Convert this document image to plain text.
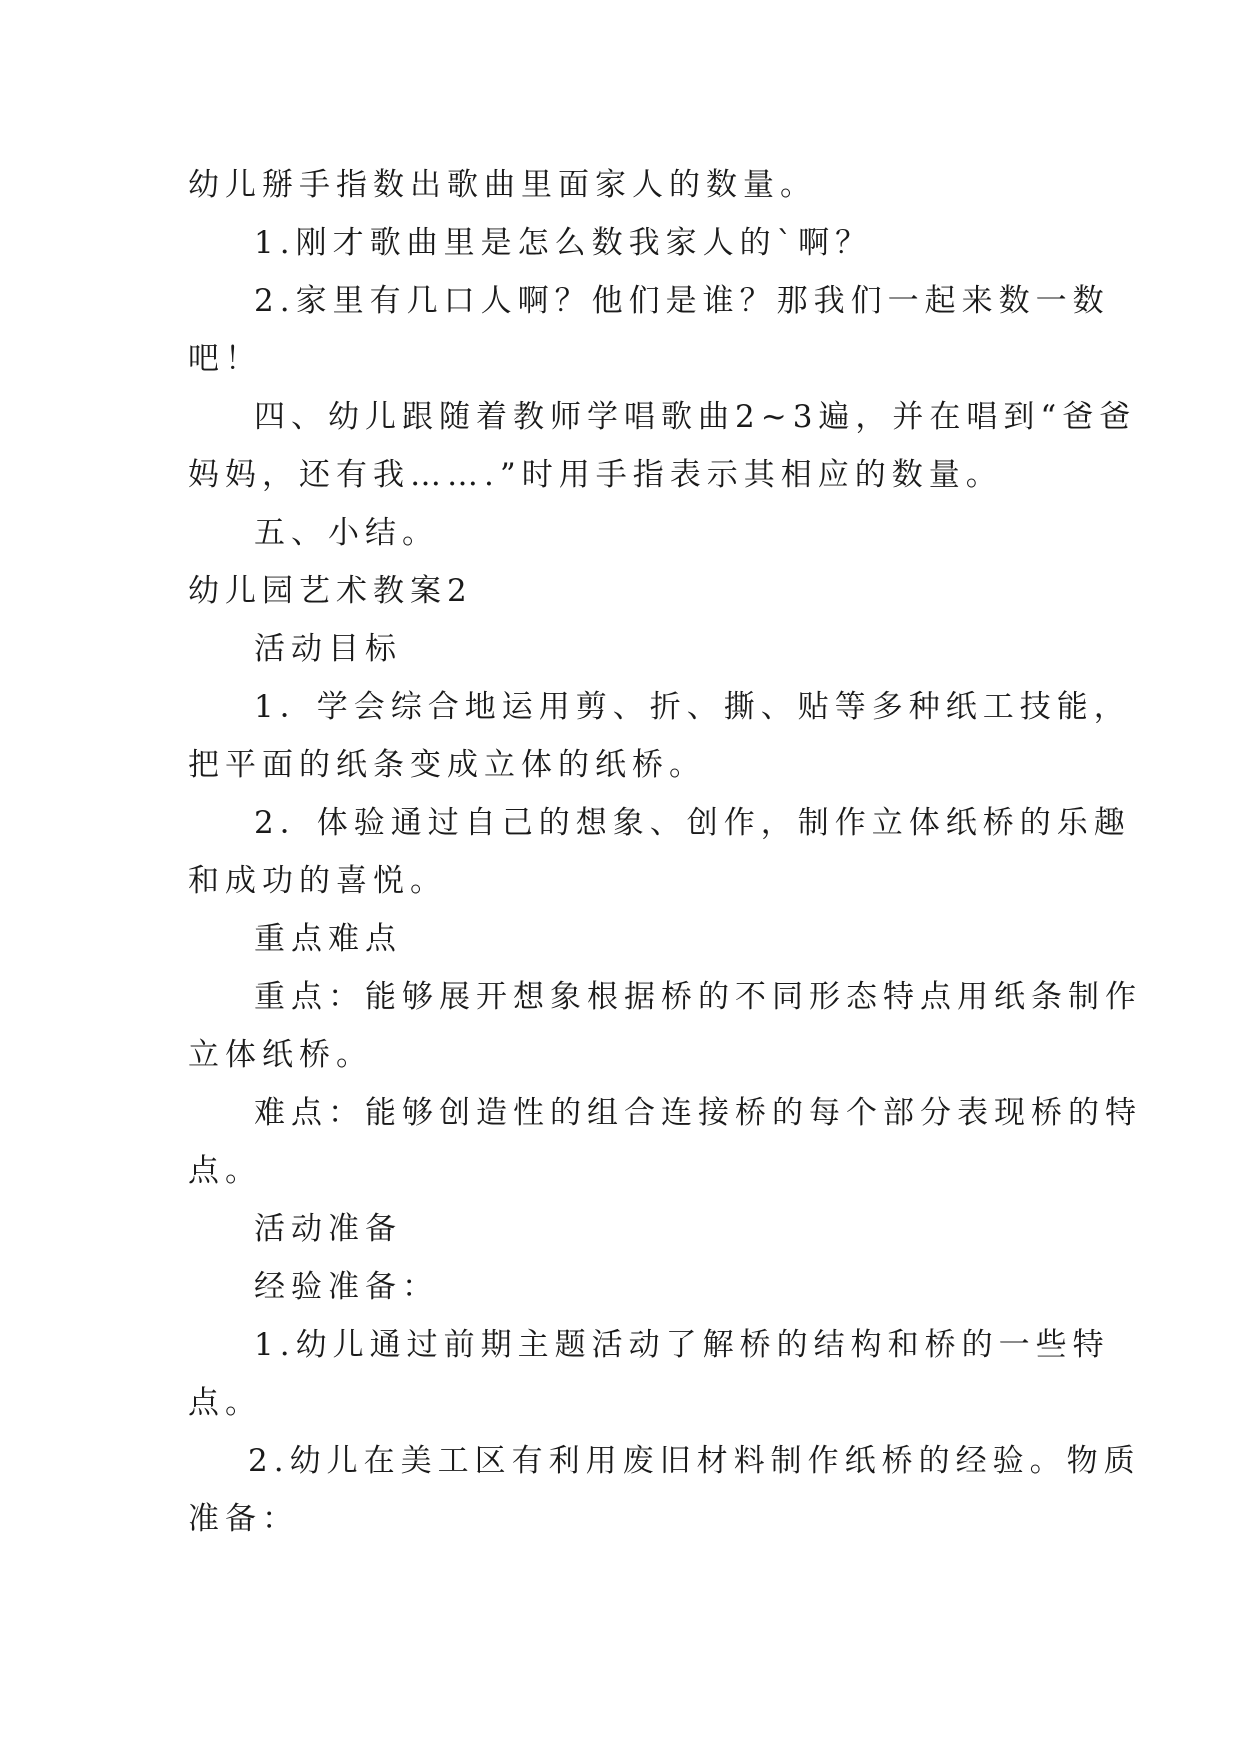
幼儿掰手指数出歌曲里面家人的数量。
1.刚才歌曲里是怎么数我家人的`啊？
2.家里有几口人啊？他们是谁？那我们一起来数一数
吧！
四、幼儿跟随着教师学唱歌曲2~3遍，并在唱到“爸爸
妈妈，还有我…….”时用手指表示其相应的数量。
五、小结。
幼儿园艺术教案2
活动目标
1．学会综合地运用剪、折、撕、贴等多种纸工技能，
把平面的纸条变成立体的纸桥。
2．体验通过自己的想象、创作，制作立体纸桥的乐趣
和成功的喜悦。
重点难点
重点：能够展开想象根据桥的不同形态特点用纸条制作
立体纸桥。
难点：能够创造性的组合连接桥的每个部分表现桥的特
点。
活动准备
经验准备：
1.幼儿通过前期主题活动了解桥的结构和桥的一些特
点。
2.幼儿在美工区有利用废旧材料制作纸桥的经验。物质
准备：
